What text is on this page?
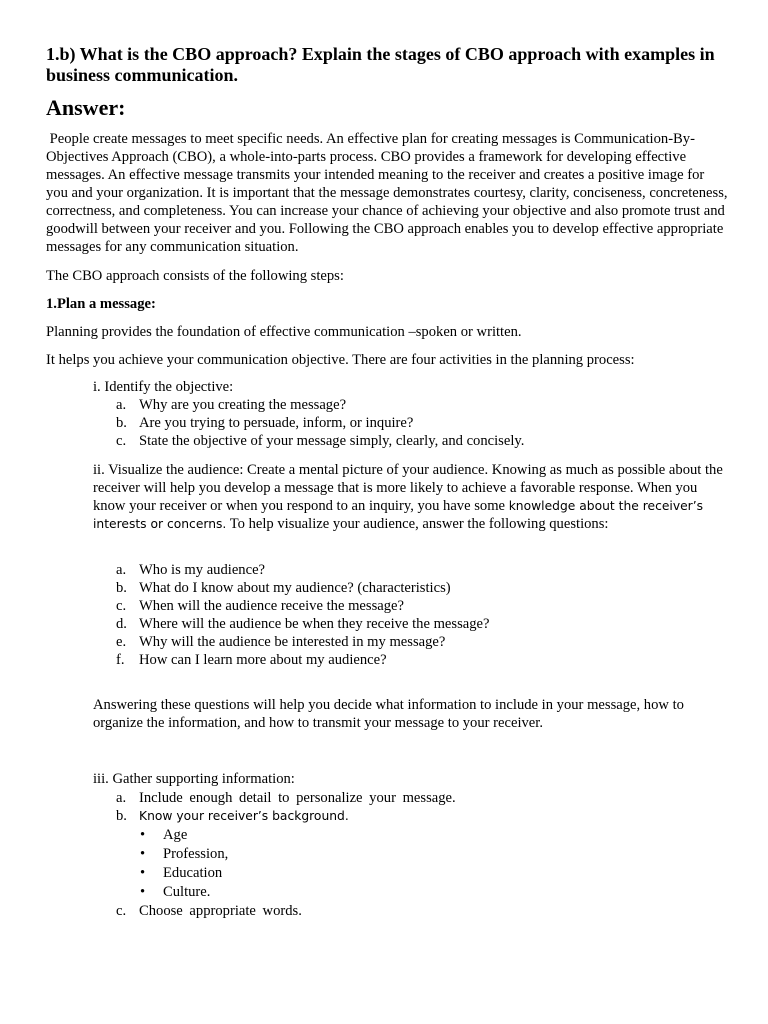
1.b) What is the CBO approach? Explain the stages of CBO approach with examples in business communication.
Answer:
People create messages to meet specific needs. An effective plan for creating messages is Communication-By-Objectives Approach (CBO), a whole-into-parts process. CBO provides a framework for developing effective messages. An effective message transmits your intended meaning to the receiver and creates a positive image for you and your organization. It is important that the message demonstrates courtesy, clarity, conciseness, concreteness, correctness, and completeness. You can increase your chance of achieving your objective and also promote trust and goodwill between your receiver and you. Following the CBO approach enables you to develop effective appropriate messages for any communication situation.
The CBO approach consists of the following steps:
1.Plan a message:
Planning provides the foundation of effective communication –spoken or written.
It helps you achieve your communication objective. There are four activities in the planning process:
i. Identify the objective:
a. Why are you creating the message?
b. Are you trying to persuade, inform, or inquire?
c. State the objective of your message simply, clearly, and concisely.
ii. Visualize the audience: Create a mental picture of your audience. Knowing as much as possible about the receiver will help you develop a message that is more likely to achieve a favorable response. When you know your receiver or when you respond to an inquiry, you have some knowledge about the receiver’s interests or concerns. To help visualize your audience, answer the following questions:
a. Who is my audience?
b. What do I know about my audience? (characteristics)
c. When will the audience receive the message?
d. Where will the audience be when they receive the message?
e. Why will the audience be interested in my message?
f. How can I learn more about my audience?
Answering these questions will help you decide what information to include in your message, how to organize the information, and how to transmit your message to your receiver.
iii. Gather supporting information:
a. Include enough detail to personalize your message.
b. Know your receiver’s background.
• Age
• Profession,
• Education
• Culture.
c. Choose appropriate words.
